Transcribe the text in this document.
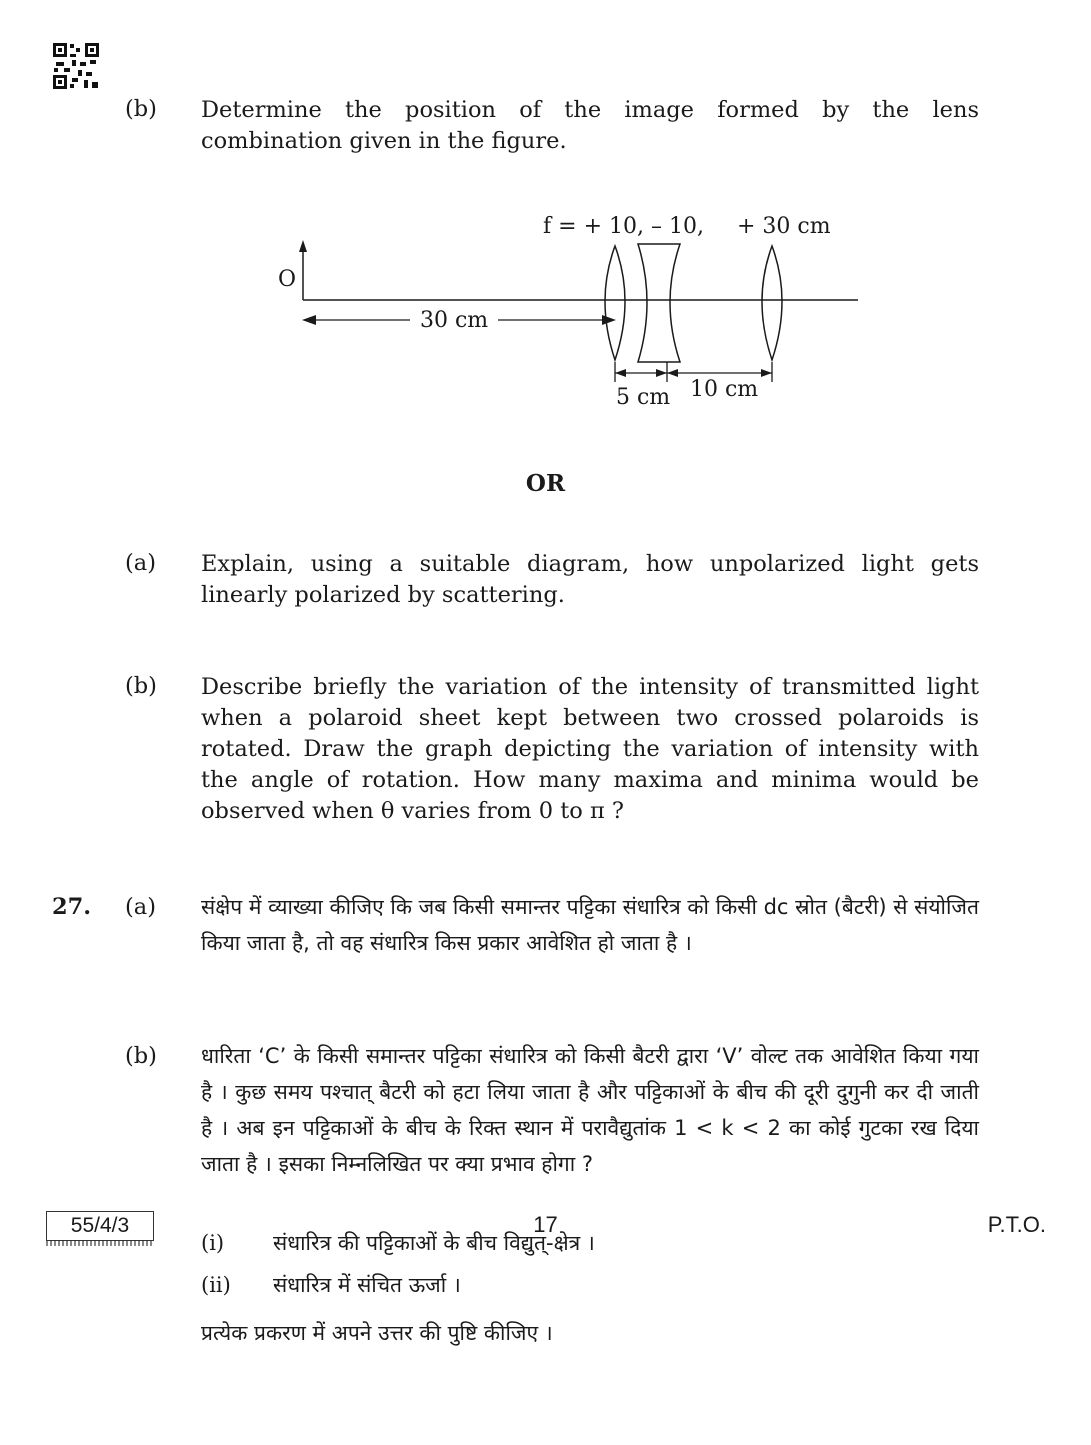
(b) Determine the position of the image formed by the lens combination given in the figure.
f = + 10, – 10, + 30 cm
O
30 cm
5 cm 10 cm
OR
(a) Explain, using a suitable diagram, how unpolarized light gets linearly polarized by scattering.
(b) Describe briefly the variation of the intensity of transmitted light when a polaroid sheet kept between two crossed polaroids is rotated. Draw the graph depicting the variation of intensity with the angle of rotation. How many maxima and minima would be observed when θ varies from 0 to π ?
27. (a) संक्षेप में व्याख्या कीजिए कि जब किसी समान्तर पट्टिका संधारित्र को किसी dc स्रोत (बैटरी) से संयोजित किया जाता है, तो वह संधारित्र किस प्रकार आवेशित हो जाता है ।
(b) धारिता ‘C’ के किसी समान्तर पट्टिका संधारित्र को किसी बैटरी द्वारा ‘V’ वोल्ट तक आवेशित किया गया है । कुछ समय पश्चात् बैटरी को हटा लिया जाता है और पट्टिकाओं के बीच की दूरी दुगुनी कर दी जाती है । अब इन पट्टिकाओं के बीच के रिक्त स्थान में परावैद्युतांक 1 < k < 2 का कोई गुटका रख दिया जाता है । इसका निम्नलिखित पर क्या प्रभाव होगा ?
(i) संधारित्र की पट्टिकाओं के बीच विद्युत्-क्षेत्र ।
(ii) संधारित्र में संचित ऊर्जा ।
प्रत्येक प्रकरण में अपने उत्तर की पुष्टि कीजिए ।
55/4/3	17	P.T.O.
